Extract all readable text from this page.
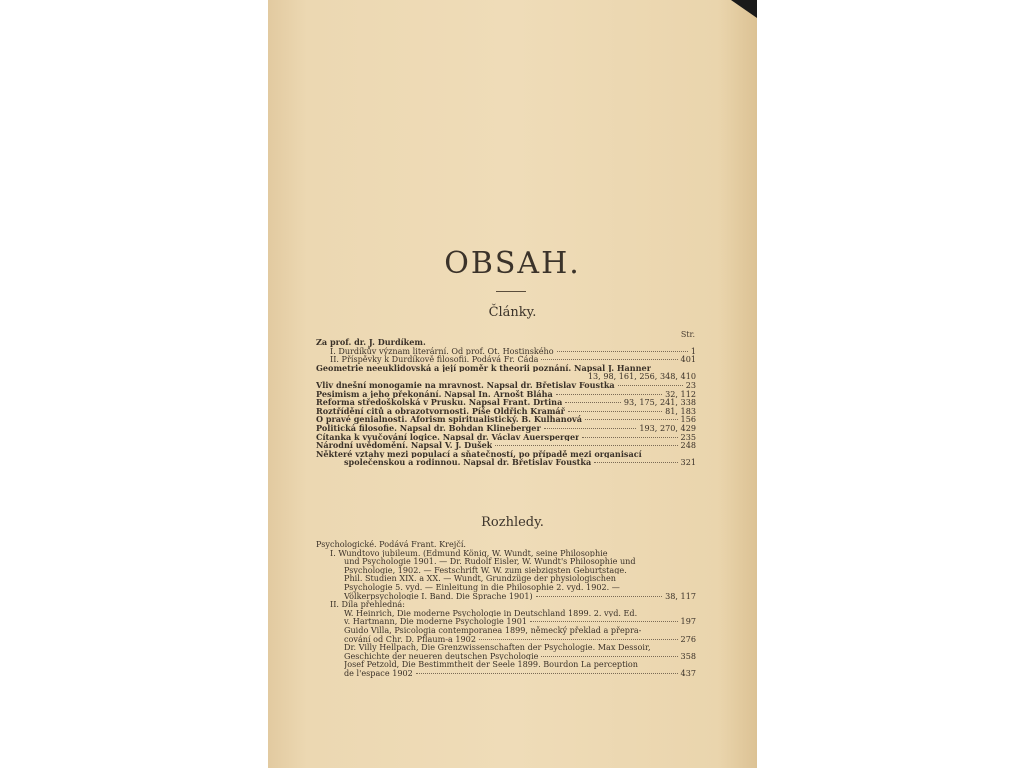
OBSAH.
Články.
Str.
Za prof. dr. J. Durdíkem.
I. Durdíkův význam literární. Od prof. Ot. Hostinského	1
II. Příspěvky k Durdíkově filosofii. Podává Fr. Čáda	401
Geometrie neeuklidovská a její poměr k theorii poznání. Napsal J. Hanner
13, 98, 161, 256, 348, 410
Vliv dnešní monogamie na mravnost. Napsal dr. Břetislav Foustka	23
Pesimism a jeho překonání. Napsal In. Arnošt Bláha	32, 112
Reforma středoškolská v Prusku. Napsal Frant. Drtina	93, 175, 241, 338
Roztřídění citů a obrazotvornosti. Píše Oldřich Kramář	81, 183
O pravé genialnosti. Aforism spiritualistický. B. Kulhanová	156
Politická filosofie. Napsal dr. Bohdan Klineberger	193, 270, 429
Čítanka k vyučování logice. Napsal dr. Václav Auersperger	235
Národní uvědomění. Napsal V. J. Dušek	248
Některé vztahy mezi populací a sňatečností, po případě mezi organisací
společenskou a rodinnou. Napsal dr. Břetislav Foustka	321
Rozhledy.
Psychologické. Podává Frant. Krejčí.
I. Wundtovo jubileum. (Edmund König, W. Wundt, seine Philosophie
und Psychologie 1901. — Dr. Rudolf Eisler, W. Wundt's Philosophie und
Psychologie, 1902. — Festschrift W. W. zum siebzigsten Geburtstage.
Phil. Studien XIX. a XX. — Wundt, Grundzüge der physiologischen
Psychologie 5. vyd. — Einleitung in die Philosophie 2. vyd. 1902. —
Völkerpsychologie I. Band. Die Sprache 1901)	38, 117
II. Díla přehledná:
W. Heinrich, Die moderne Psychologie in Deutschland 1899. 2. vyd. Ed.
v. Hartmann, Die moderne Psychologie 1901	197
Guido Villa, Psicologia contemporanea 1899, německý překlad a přepra-
cování od Chr. D. Pflaum-a 1902	276
Dr. Villy Hellpach, Die Grenzwissenschaften der Psychologie. Max Dessoir,
Geschichte der neueren deutschen Psychologie	358
Josef Petzold, Die Bestimmtheit der Seele 1899. Bourdon La perception
de l'espace 1902	437
